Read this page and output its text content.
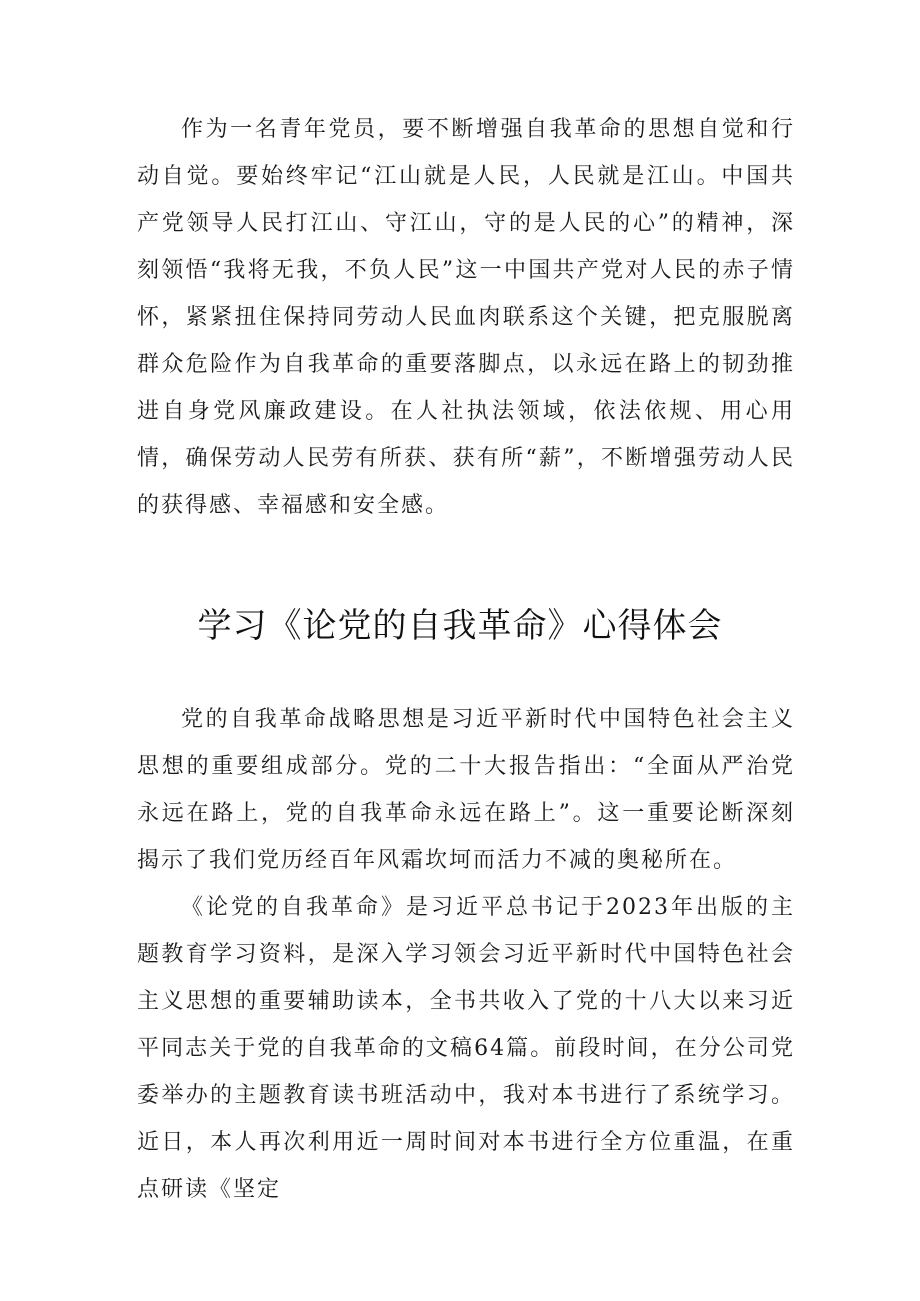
作为一名青年党员，要不断增强自我革命的思想自觉和行动自觉。要始终牢记“江山就是人民，人民就是江山。中国共产党领导人民打江山、守江山，守的是人民的心”的精神，深刻领悟“我将无我，不负人民”这一中国共产党对人民的赤子情怀，紧紧扭住保持同劳动人民血肉联系这个关键，把克服脱离群众危险作为自我革命的重要落脚点，以永远在路上的韧劲推进自身党风廉政建设。在人社执法领域，依法依规、用心用情，确保劳动人民劳有所获、获有所“薪”，不断增强劳动人民的获得感、幸福感和安全感。

学习《论党的自我革命》心得体会

党的自我革命战略思想是习近平新时代中国特色社会主义思想的重要组成部分。党的二十大报告指出：“全面从严治党永远在路上，党的自我革命永远在路上”。这一重要论断深刻揭示了我们党历经百年风霜坎坷而活力不减的奥秘所在。

《论党的自我革命》是习近平总书记于2023年出版的主题教育学习资料，是深入学习领会习近平新时代中国特色社会主义思想的重要辅助读本，全书共收入了党的十八大以来习近平同志关于党的自我革命的文稿64篇。前段时间，在分公司党委举办的主题教育读书班活动中，我对本书进行了系统学习。近日，本人再次利用近一周时间对本书进行全方位重温，在重点研读《坚定
